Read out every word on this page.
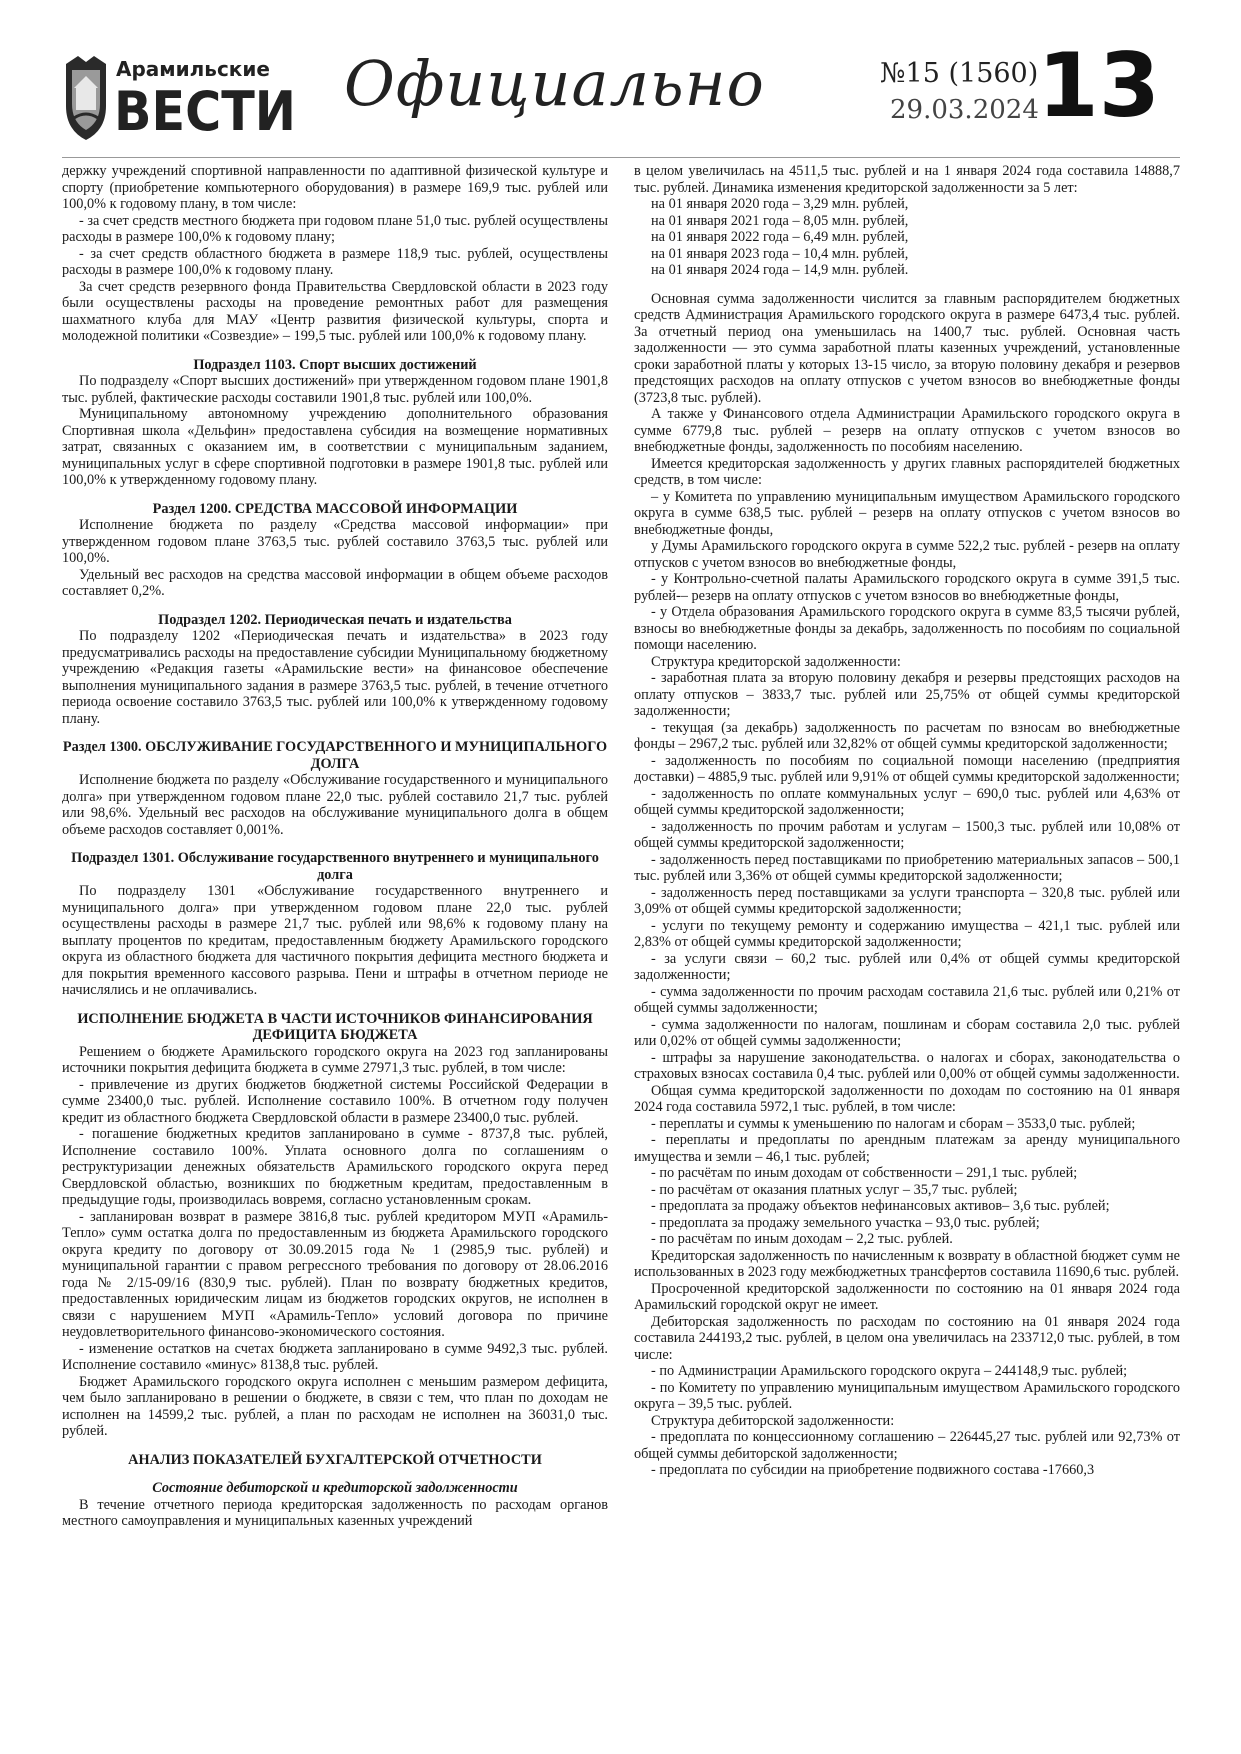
Арамильские
ВЕСТИ Официально	№15 (1560)
29.03.2024
13

держку учреждений спортивной направленности по адаптивной физической культуре и спорту (приобретение компьютерного оборудования) в размере 169,9 тыс. рублей или 100,0% к годовому плану, в том числе:

- за счет средств местного бюджета при годовом плане 51,0 тыс. рублей осуществлены расходы в размере 100,0% к годовому плану;

- за счет средств областного бюджета в размере 118,9 тыс. рублей, осуществлены расходы в размере 100,0% к годовому плану.

За счет средств резервного фонда Правительства Свердловской области в 2023 году были осуществлены расходы на проведение ремонтных работ для размещения шахматного клуба для МАУ «Центр развития физической культуры, спорта и молодежной политики «Созвездие» – 199,5 тыс. рублей или 100,0% к годовому плану.

Подраздел 1103. Спорт высших достижений

По подразделу «Спорт высших достижений» при утвержденном годовом плане 1901,8 тыс. рублей, фактические расходы составили 1901,8 тыс. рублей или 100,0%.

Муниципальному автономному учреждению дополнительного образования Спортивная школа «Дельфин» предоставлена субсидия на возмещение нормативных затрат, связанных с оказанием им, в соответствии с муниципальным заданием, муниципальных услуг в сфере спортивной подготовки в размере 1901,8 тыс. рублей или 100,0% к утвержденному годовому плану.

Раздел 1200. СРЕДСТВА МАССОВОЙ ИНФОРМАЦИИ

Исполнение бюджета по разделу «Средства массовой информации» при утвержденном годовом плане 3763,5 тыс. рублей составило 3763,5 тыс. рублей или 100,0%.

Удельный вес расходов на средства массовой информации в общем объеме расходов составляет 0,2%.

Подраздел 1202. Периодическая печать и издательства

По подразделу 1202 «Периодическая печать и издательства» в 2023 году предусматривались расходы на предоставление субсидии Муниципальному бюджетному учреждению «Редакция газеты «Арамильские вести» на финансовое обеспечение выполнения муниципального задания в размере 3763,5 тыс. рублей, в течение отчетного периода освоение составило 3763,5 тыс. рублей или 100,0% к утвержденному годовому плану.

Раздел 1300. ОБСЛУЖИВАНИЕ ГОСУДАРСТВЕННОГО И МУНИЦИПАЛЬНОГО ДОЛГА

Исполнение бюджета по разделу «Обслуживание государственного и муниципального долга» при утвержденном годовом плане 22,0 тыс. рублей составило 21,7 тыс. рублей или 98,6%. Удельный вес расходов на обслуживание муниципального долга в общем объеме расходов составляет 0,001%.

Подраздел 1301. Обслуживание государственного внутреннего и муниципального долга

По подразделу 1301 «Обслуживание государственного внутреннего и муниципального долга» при утвержденном годовом плане 22,0 тыс. рублей осуществлены расходы в размере 21,7 тыс. рублей или 98,6% к годовому плану на выплату процентов по кредитам, предоставленным бюджету Арамильского городского округа из областного бюджета для частичного покрытия дефицита местного бюджета и для покрытия временного кассового разрыва. Пени и штрафы в отчетном периоде не начислялись и не оплачивались.

ИСПОЛНЕНИЕ БЮДЖЕТА В ЧАСТИ ИСТОЧНИКОВ ФИНАНСИРОВАНИЯ ДЕФИЦИТА БЮДЖЕТА

Решением о бюджете Арамильского городского округа на 2023 год запланированы источники покрытия дефицита бюджета в сумме 27971,3 тыс. рублей, в том числе:

- привлечение из других бюджетов бюджетной системы Российской Федерации в сумме 23400,0 тыс. рублей. Исполнение составило 100%. В отчетном году получен кредит из областного бюджета Свердловской области в размере 23400,0 тыс. рублей.

- погашение бюджетных кредитов запланировано в сумме - 8737,8 тыс. рублей, Исполнение составило 100%. Уплата основного долга по соглашениям о реструктуризации денежных обязательств Арамильского городского округа перед Свердловской областью, возникших по бюджетным кредитам, предоставленным в предыдущие годы, производилась вовремя, согласно установленным срокам.

- запланирован возврат в размере 3816,8 тыс. рублей кредитором МУП «Арамиль-Тепло» сумм остатка долга по предоставленным из бюджета Арамильского городского округа кредиту по договору от 30.09.2015 года № 1 (2985,9 тыс. рублей) и муниципальной гарантии с правом регрессного требования по договору от 28.06.2016 года № 2/15-09/16 (830,9 тыс. рублей). План по возврату бюджетных кредитов, предоставленных юридическим лицам из бюджетов городских округов, не исполнен в связи с нарушением МУП «Арамиль-Тепло» условий договора по причине неудовлетворительного финансово-экономического состояния.

- изменение остатков на счетах бюджета запланировано в сумме 9492,3 тыс. рублей. Исполнение составило «минус» 8138,8 тыс. рублей.

Бюджет Арамильского городского округа исполнен с меньшим размером дефицита, чем было запланировано в решении о бюджете, в связи с тем, что план по доходам не исполнен на 14599,2 тыс. рублей, а план по расходам не исполнен на 36031,0 тыс. рублей.

АНАЛИЗ ПОКАЗАТЕЛЕЙ БУХГАЛТЕРСКОЙ ОТЧЕТНОСТИ
Состояние дебиторской и кредиторской задолженности

В течение отчетного периода кредиторская задолженность по расходам органов местного самоуправления и муниципальных казенных учреждений

в целом увеличилась на 4511,5 тыс. рублей и на 1 января 2024 года составила 14888,7 тыс. рублей. Динамика изменения кредиторской задолженности за 5 лет:

на 01 января 2020 года – 3,29 млн. рублей,

на 01 января 2021 года – 8,05 млн. рублей,

на 01 января 2022 года – 6,49 млн. рублей,

на 01 января 2023 года – 10,4 млн. рублей,

на 01 января 2024 года – 14,9 млн. рублей.

Основная сумма задолженности числится за главным распорядителем бюджетных средств Администрация Арамильского городского округа в размере 6473,4 тыс. рублей. За отчетный период она уменьшилась на 1400,7 тыс. рублей. Основная часть задолженности — это сумма заработной платы казенных учреждений, установленные сроки заработной платы у которых 13-15 число, за вторую половину декабря и резервов предстоящих расходов на оплату отпусков с учетом взносов во внебюджетные фонды (3723,8 тыс. рублей).

А также у Финансового отдела Администрации Арамильского городского округа в сумме 6779,8 тыс. рублей – резерв на оплату отпусков с учетом взносов во внебюджетные фонды, задолженность по пособиям населению.

Имеется кредиторская задолженность у других главных распорядителей бюджетных средств, в том числе:

– у Комитета по управлению муниципальным имуществом Арамильского городского округа в сумме 638,5 тыс. рублей – резерв на оплату отпусков с учетом взносов во внебюджетные фонды,

у Думы Арамильского городского округа в сумме 522,2 тыс. рублей - резерв на оплату отпусков с учетом взносов во внебюджетные фонды,

- у Контрольно-счетной палаты Арамильского городского округа в сумме 391,5 тыс. рублей-– резерв на оплату отпусков с учетом взносов во внебюджетные фонды,

- у Отдела образования Арамильского городского округа в сумме 83,5 тысячи рублей, взносы во внебюджетные фонды за декабрь, задолженность по пособиям по социальной помощи населению.

Структура кредиторской задолженности:

- заработная плата за вторую половину декабря и резервы предстоящих расходов на оплату отпусков – 3833,7 тыс. рублей или 25,75% от общей суммы кредиторской задолженности;

- текущая (за декабрь) задолженность по расчетам по взносам во внебюджетные фонды – 2967,2 тыс. рублей или 32,82% от общей суммы кредиторской задолженности;

- задолженность по пособиям по социальной помощи населению (предприятия доставки) – 4885,9 тыс. рублей или 9,91% от общей суммы кредиторской задолженности;

- задолженность по оплате коммунальных услуг – 690,0 тыс. рублей или 4,63% от общей суммы кредиторской задолженности;

- задолженность по прочим работам и услугам – 1500,3 тыс. рублей или 10,08% от общей суммы кредиторской задолженности;

- задолженность перед поставщиками по приобретению материальных запасов – 500,1 тыс. рублей или 3,36% от общей суммы кредиторской задолженности;

- задолженность перед поставщиками за услуги транспорта – 320,8 тыс. рублей или 3,09% от общей суммы кредиторской задолженности;

- услуги по текущему ремонту и содержанию имущества – 421,1 тыс. рублей или 2,83% от общей суммы кредиторской задолженности;

- за услуги связи – 60,2 тыс. рублей или 0,4% от общей суммы кредиторской задолженности;

- сумма задолженности по прочим расходам составила 21,6 тыс. рублей или 0,21% от общей суммы задолженности;

- сумма задолженности по налогам, пошлинам и сборам составила 2,0 тыс. рублей или 0,02% от общей суммы задолженности;

- штрафы за нарушение законодательства. о налогах и сборах, законодательства о страховых взносах составила 0,4 тыс. рублей или 0,00% от общей суммы задолженности.

Общая сумма кредиторской задолженности по доходам по состоянию на 01 января 2024 года составила 5972,1 тыс. рублей, в том числе:

- переплаты и суммы к уменьшению по налогам и сборам – 3533,0 тыс. рублей;

- переплаты и предоплаты по арендным платежам за аренду муниципального имущества и земли – 46,1 тыс. рублей;

- по расчётам по иным доходам от собственности – 291,1 тыс. рублей;

- по расчётам от оказания платных услуг – 35,7 тыс. рублей;

- предоплата за продажу объектов нефинансовых активов– 3,6 тыс. рублей;

- предоплата за продажу земельного участка – 93,0 тыс. рублей;

- по расчётам по иным доходам – 2,2 тыс. рублей.

Кредиторская задолженность по начисленным к возврату в областной бюджет сумм не использованных в 2023 году межбюджетных трансфертов составила 11690,6 тыс. рублей.

Просроченной кредиторской задолженности по состоянию на 01 января 2024 года Арамильский городской округ не имеет.

Дебиторская задолженность по расходам по состоянию на 01 января 2024 года составила 244193,2 тыс. рублей, в целом она увеличилась на 233712,0 тыс. рублей, в том числе:

- по Администрации Арамильского городского округа – 244148,9 тыс. рублей;

- по Комитету по управлению муниципальным имуществом Арамильского городского округа – 39,5 тыс. рублей.

Структура дебиторской задолженности:

- предоплата по концессионному соглашению – 226445,27 тыс. рублей или 92,73% от общей суммы дебиторской задолженности;

- предоплата по субсидии на приобретение подвижного состава -17660,3
